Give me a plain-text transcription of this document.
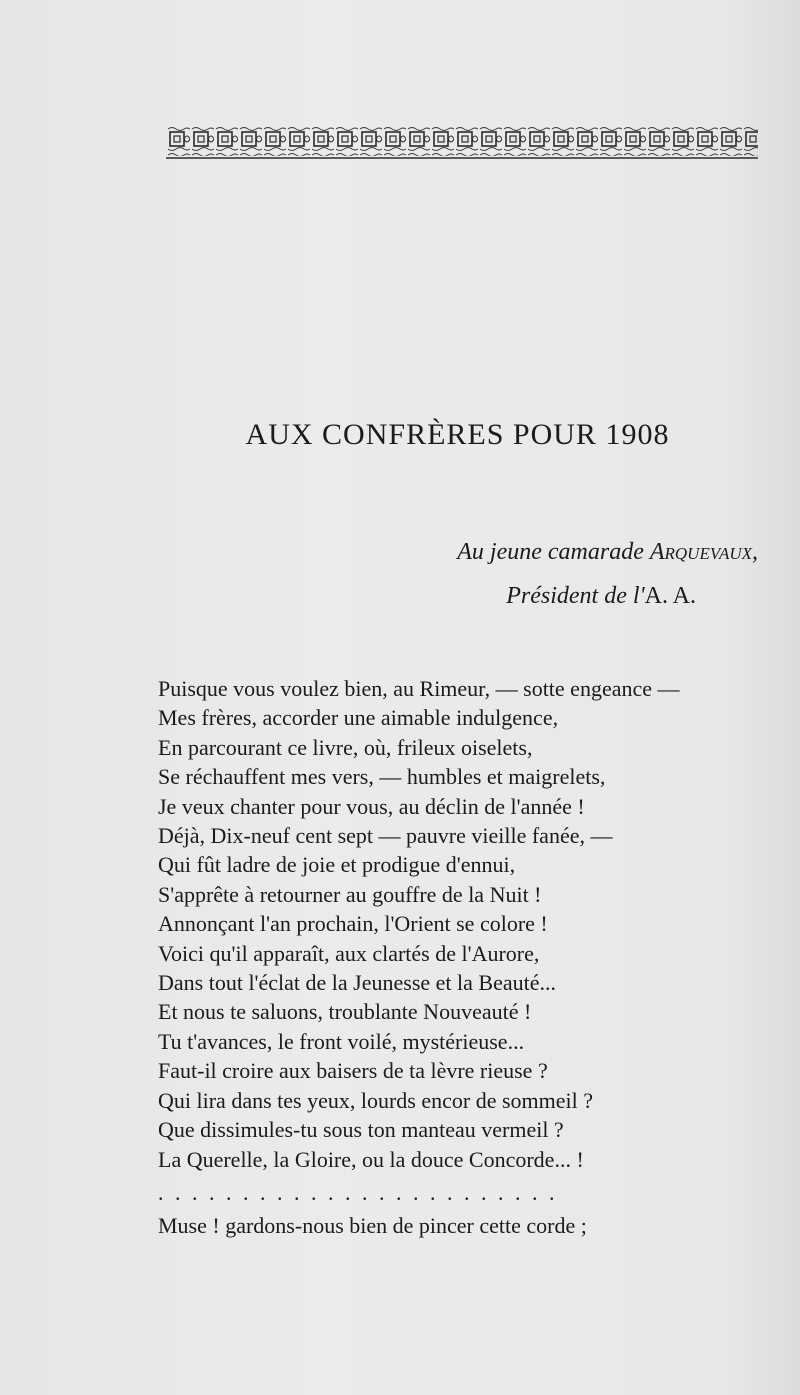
AUX CONFRÈRES POUR 1908
Au jeune camarade Arquevaux,
Président de l'A. A.
Puisque vous voulez bien, au Rimeur, — sotte engeance —
Mes frères, accorder une aimable indulgence,
En parcourant ce livre, où, frileux oiselets,
Se réchauffent mes vers, — humbles et maigrelets,
Je veux chanter pour vous, au déclin de l'année !
Déjà, Dix-neuf cent sept — pauvre vieille fanée, —
Qui fût ladre de joie et prodigue d'ennui,
S'apprête à retourner au gouffre de la Nuit !
Annonçant l'an prochain, l'Orient se colore !
Voici qu'il apparaît, aux clartés de l'Aurore,
Dans tout l'éclat de la Jeunesse et la Beauté...
Et nous te saluons, troublante Nouveauté !
Tu t'avances, le front voilé, mystérieuse...
Faut-il croire aux baisers de ta lèvre rieuse ?
Qui lira dans tes yeux, lourds encor de sommeil ?
Que dissimules-tu sous ton manteau vermeil ?
La Querelle, la Gloire, ou la douce Concorde... !
........................
Muse ! gardons-nous bien de pincer cette corde ;
